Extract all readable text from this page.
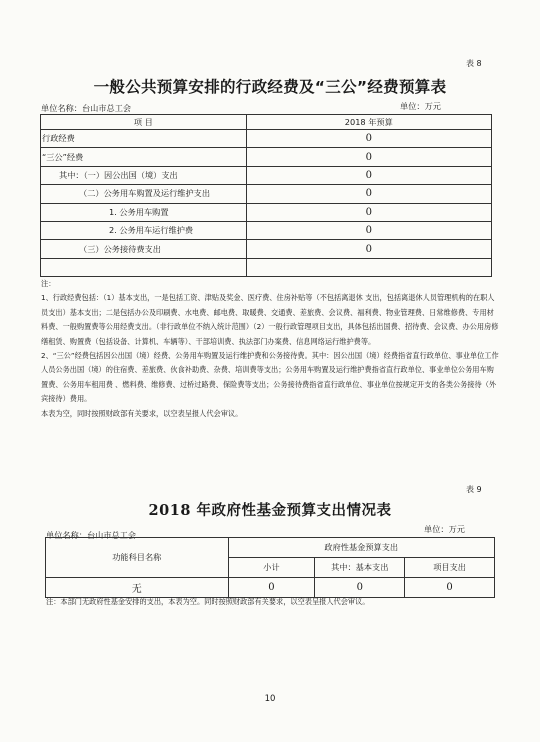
表 8
一般公共预算安排的行政经费及“三公”经费预算表
单位名称：台山市总工会	单位：万元
项 目	2018 年预算
行政经费	0
“三公”经费	0
其中：（一）因公出国（境）支出	0
（二）公务用车购置及运行维护支出	0
1. 公务用车购置	0
2. 公务用车运行维护费	0
（三）公务接待费支出	0

注：

1、行政经费包括：（1）基本支出，一是包括工资、津贴及奖金、医疗费、住房补贴等（不包括离退休 支出，包括离退休人员管理机构的在职人员支出）基本支出；二是包括办公及印刷费、水电费、邮电费、取暖费、交通费、差旅费、会议费、福利费、物业管理费、日常维修费、专用材料费、一般购置费等公用经费支出。（非行政单位不纳入统计范围）（2）一般行政管理项目支出，具体包括出国费、招待费、会议费、办公用房修缮租赁、购置费（包括设备、计算机、车辆等）、干部培训费、执法部门办案费、信息网络运行维护费等。

2、“三公”经费包括因公出国（境）经费、公务用车购置及运行维护费和公务接待费。其中：因公出国（境）经费指省直行政单位、事业单位工作人员公务出国（境）的住宿费、差旅费、伙食补助费、杂费、培训费等支出；公务用车购置及运行维护费指省直行政单位、事业单位公务用车购置费、公务用车租用费 、燃料费、维修费、过桥过路费、保险费等支出；公务接待费指省直行政单位、事业单位按规定开支的各类公务接待（外宾接待）费用。

本表为空，同时按照财政部有关要求，以空表呈报人代会审议。

表 9
2018 年政府性基金预算支出情况表
单位名称：台山市总工会
单位：万元
功能科目名称	政府性基金预算支出		
	小计	其中：基本支出	项目支出
无	0	0	0
注：本部门无政府性基金安排的支出，本表为空。同时按照财政部有关要求，以空表呈报人代会审议。
10
